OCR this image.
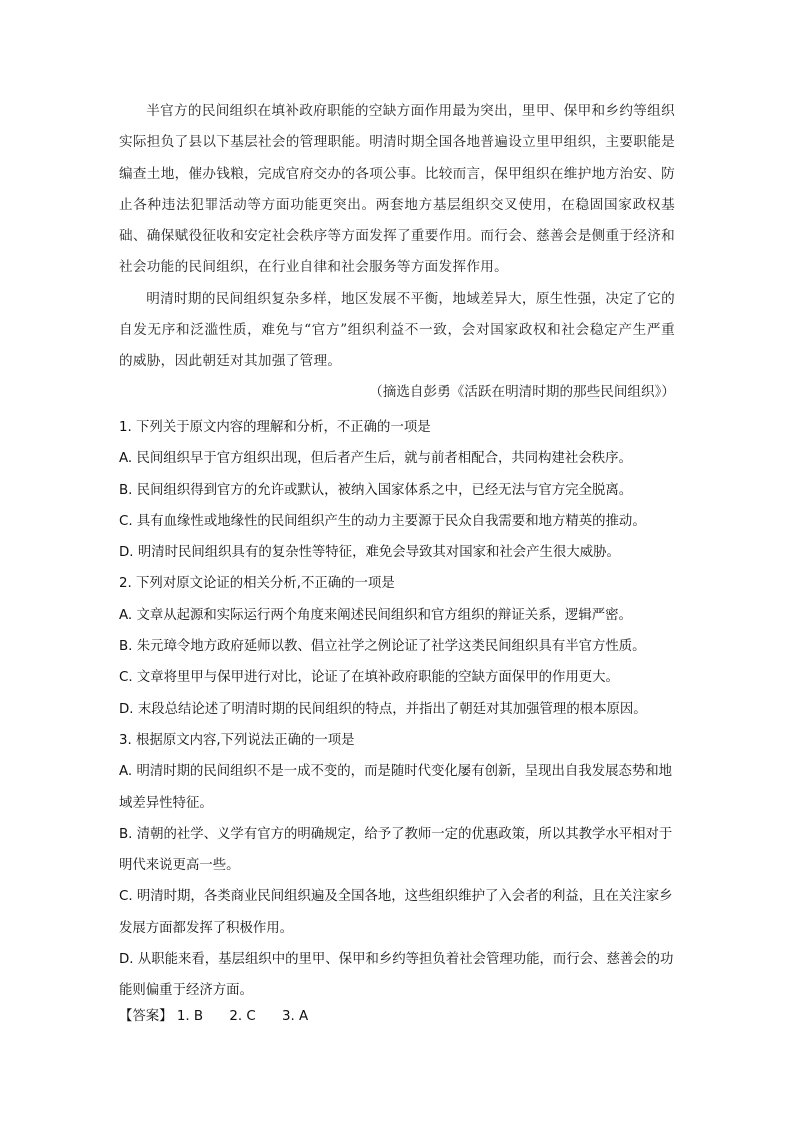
半官方的民间组织在填补政府职能的空缺方面作用最为突出，里甲、保甲和乡约等组织实际担负了县以下基层社会的管理职能。明清时期全国各地普遍设立里甲组织，主要职能是编查土地，催办钱粮，完成官府交办的各项公事。比较而言，保甲组织在维护地方治安、防止各种违法犯罪活动等方面功能更突出。两套地方基层组织交叉使用，在稳固国家政权基础、确保赋役征收和安定社会秩序等方面发挥了重要作用。而行会、慈善会是侧重于经济和社会功能的民间组织，在行业自律和社会服务等方面发挥作用。

明清时期的民间组织复杂多样，地区发展不平衡，地域差异大，原生性强，决定了它的自发无序和泛滥性质，难免与“官方”组织利益不一致，会对国家政权和社会稳定产生严重的威胁，因此朝廷对其加强了管理。

（摘选自彭勇《活跃在明清时期的那些民间组织》）
1. 下列关于原文内容的理解和分析，不正确的一项是
A. 民间组织早于官方组织出现，但后者产生后，就与前者相配合，共同构建社会秩序。
B. 民间组织得到官方的允许或默认，被纳入国家体系之中，已经无法与官方完全脱离。
C. 具有血缘性或地缘性的民间组织产生的动力主要源于民众自我需要和地方精英的推动。
D. 明清时民间组织具有的复杂性等特征，难免会导致其对国家和社会产生很大威胁。
2. 下列对原文论证的相关分析,不正确的一项是
A. 文章从起源和实际运行两个角度来阐述民间组织和官方组织的辩证关系，逻辑严密。
B. 朱元璋令地方政府延师以教、倡立社学之例论证了社学这类民间组织具有半官方性质。
C. 文章将里甲与保甲进行对比，论证了在填补政府职能的空缺方面保甲的作用更大。
D. 末段总结论述了明清时期的民间组织的特点，并指出了朝廷对其加强管理的根本原因。
3. 根据原文内容,下列说法正确的一项是
A. 明清时期的民间组织不是一成不变的，而是随时代变化屡有创新，呈现出自我发展态势和地域差异性特征。
B. 清朝的社学、义学有官方的明确规定，给予了教师一定的优惠政策，所以其教学水平相对于明代来说更高一些。
C. 明清时期，各类商业民间组织遍及全国各地，这些组织维护了入会者的利益，且在关注家乡发展方面都发挥了积极作用。
D. 从职能来看，基层组织中的里甲、保甲和乡约等担负着社会管理功能，而行会、慈善会的功能则偏重于经济方面。
【答案】 1. B 2. C 3. A
